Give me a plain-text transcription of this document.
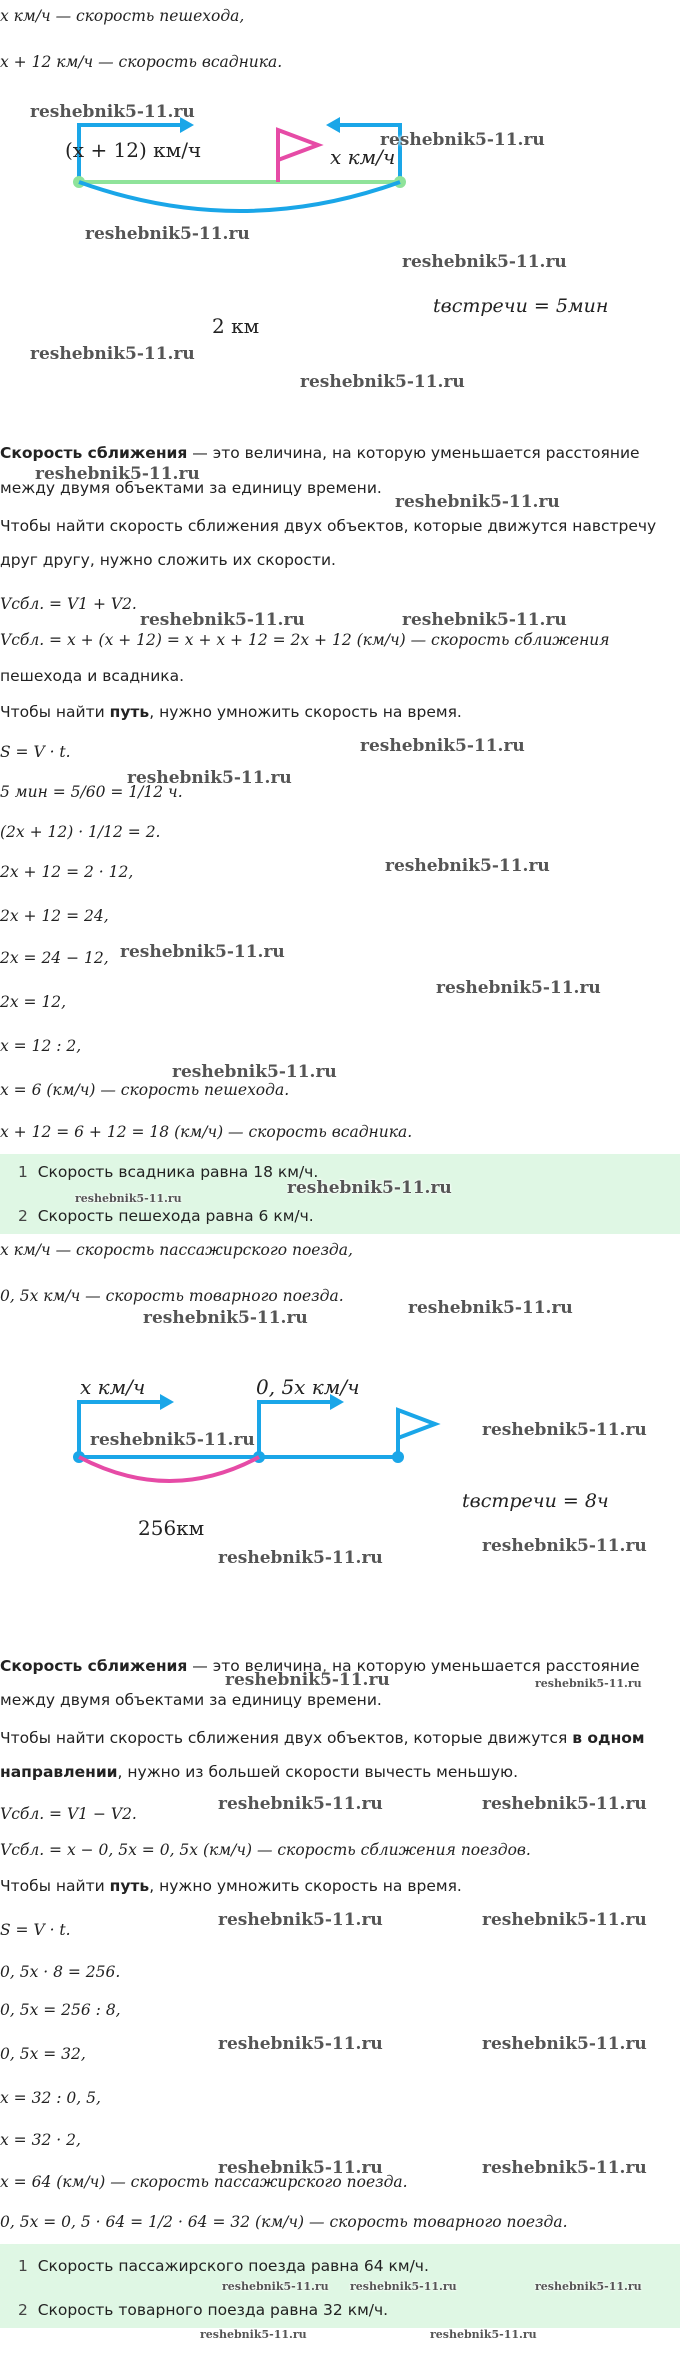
x км/ч — скорость пешехода,
x + 12 км/ч — скорость всадника.
(x + 12) км/ч	x км/ч
2 км
tвстречи = 5мин
Скорость сближения — это величина, на которую уменьшается расстояние
между двумя объектами за единицу времени.
Чтобы найти скорость сближения двух объектов, которые движутся навстречу
друг другу, нужно сложить их скорости.
Vсбл. = V1 + V2.
Vсбл. = x + (x + 12) = x + x + 12 = 2x + 12 (км/ч) — скорость сближения
пешехода и всадника.
Чтобы найти путь, нужно умножить скорость на время.
S = V · t.
5 мин = 5/60 = 1/12 ч.
(2x + 12) · 1/12 = 2.
2x + 12 = 2 · 12,
2x + 12 = 24,
2x = 24 − 12,
2x = 12,
x = 12 : 2,
x = 6 (км/ч) — скорость пешехода.
x + 12 = 6 + 12 = 18 (км/ч) — скорость всадника.
1 Скорость всадника равна 18 км/ч.
2 Скорость пешехода равна 6 км/ч.
x км/ч — скорость пассажирского поезда,
0, 5x км/ч — скорость товарного поезда.
x км/ч	0, 5x км/ч
256км
tвстречи = 8ч
Скорость сближения — это величина, на которую уменьшается расстояние
между двумя объектами за единицу времени.
Чтобы найти скорость сближения двух объектов, которые движутся в одном
направлении, нужно из большей скорости вычесть меньшую.
Vсбл. = V1 − V2.
Vсбл. = x − 0, 5x = 0, 5x (км/ч) — скорость сближения поездов.
Чтобы найти путь, нужно умножить скорость на время.
S = V · t.
0, 5x · 8 = 256.
0, 5x = 256 : 8,
0, 5x = 32,
x = 32 : 0, 5,
x = 32 · 2,
x = 64 (км/ч) — скорость пассажирского поезда.
0, 5x = 0, 5 · 64 = 1/2 · 64 = 32 (км/ч) — скорость товарного поезда.
1 Скорость пассажирского поезда равна 64 км/ч.
2 Скорость товарного поезда равна 32 км/ч.
reshebnik5-11.ru
reshebnik5-11.ru
reshebnik5-11.ru
reshebnik5-11.ru
reshebnik5-11.ru
reshebnik5-11.ru
reshebnik5-11.ru
reshebnik5-11.ru
reshebnik5-11.ru	reshebnik5-11.ru
reshebnik5-11.ru
reshebnik5-11.ru
reshebnik5-11.ru
reshebnik5-11.ru
reshebnik5-11.ru
reshebnik5-11.ru
reshebnik5-11.ru
reshebnik5-11.ru
reshebnik5-11.ru	reshebnik5-11.ru
reshebnik5-11.ru	reshebnik5-11.ru
reshebnik5-11.ru
reshebnik5-11.ru
reshebnik5-11.ru	reshebnik5-11.ru
reshebnik5-11.ru	reshebnik5-11.ru
reshebnik5-11.ru	reshebnik5-11.ru
reshebnik5-11.ru	reshebnik5-11.ru
reshebnik5-11.ru	reshebnik5-11.ru
reshebnik5-11.ru reshebnik5-11.ru	reshebnik5-11.ru
reshebnik5-11.ru	reshebnik5-11.ru
